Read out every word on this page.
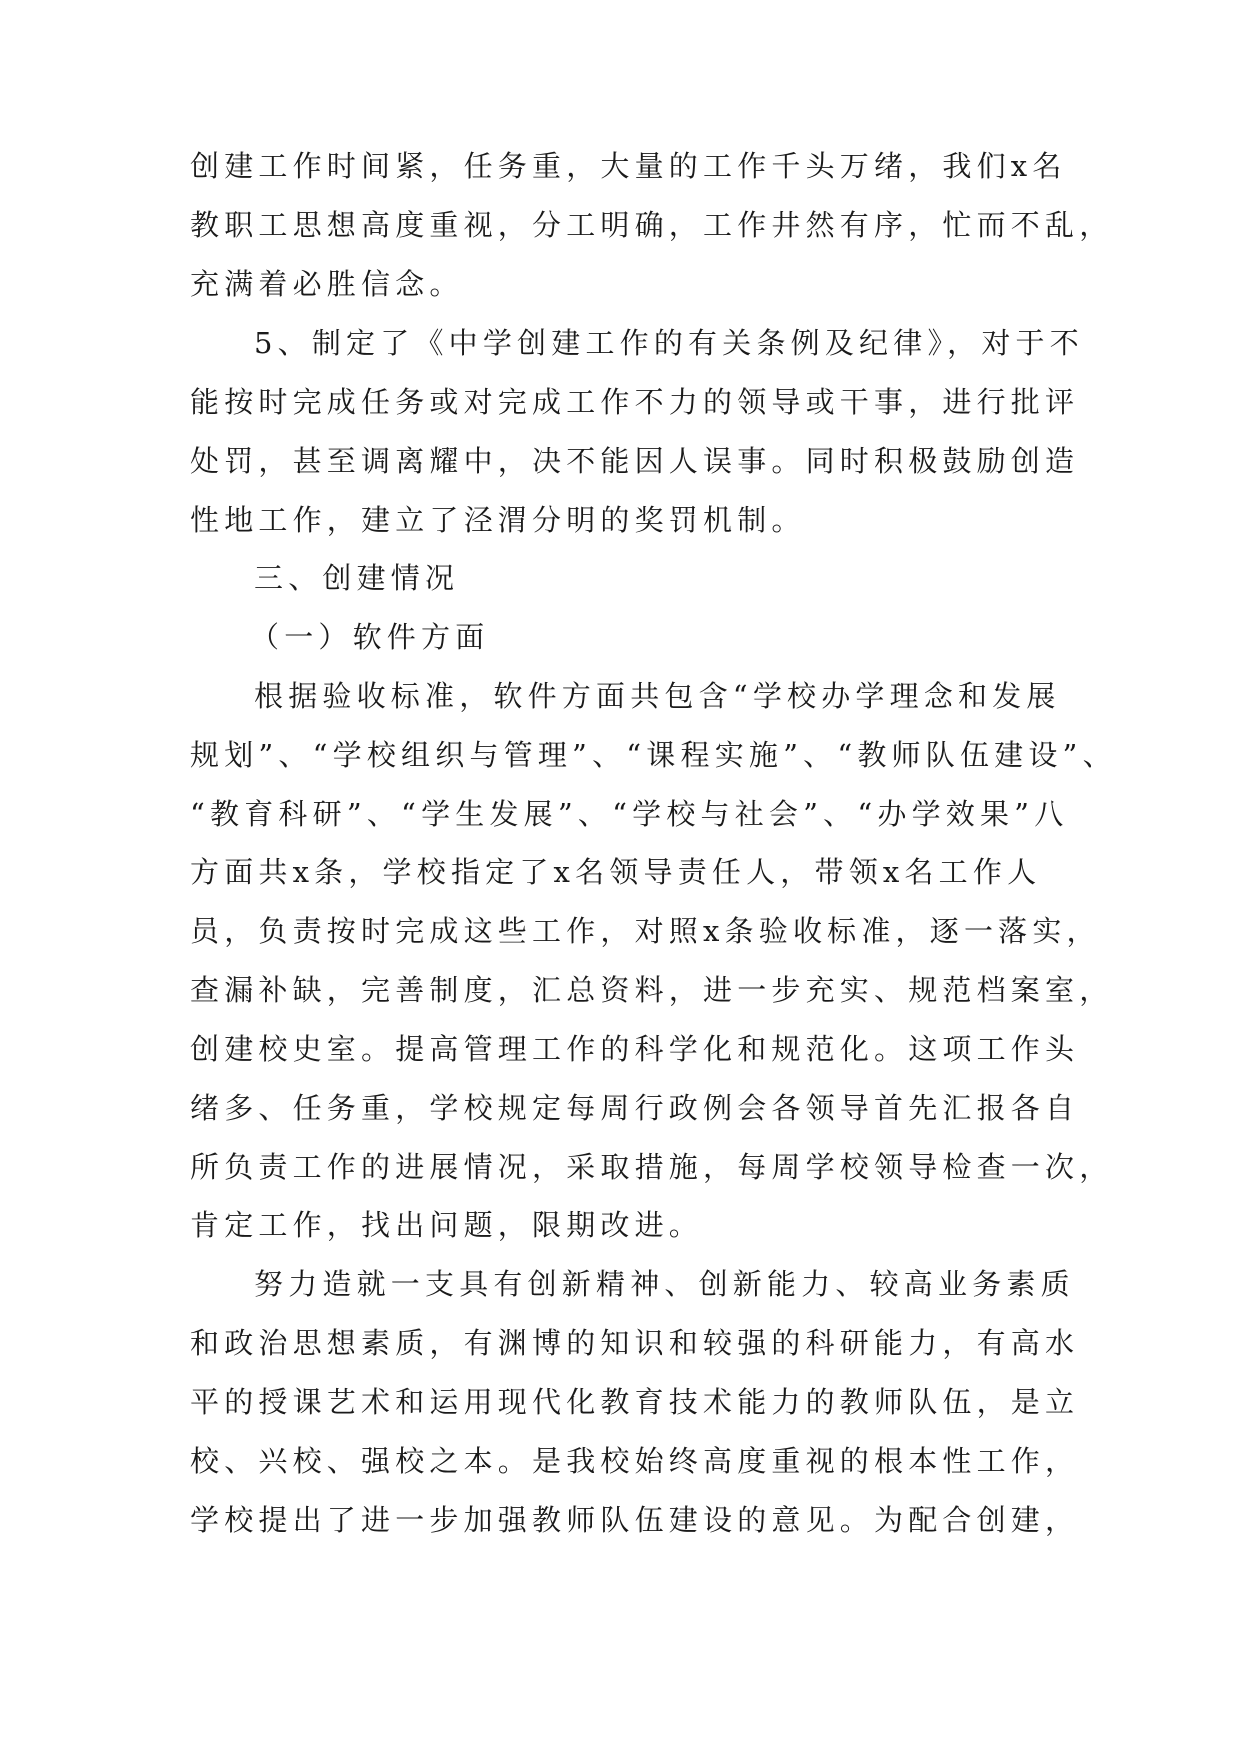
创建工作时间紧，任务重，大量的工作千头万绪，我们x名
教职工思想高度重视，分工明确，工作井然有序，忙而不乱，
充满着必胜信念。
5、制定了《中学创建工作的有关条例及纪律》，对于不
能按时完成任务或对完成工作不力的领导或干事，进行批评
处罚，甚至调离耀中，决不能因人误事。同时积极鼓励创造
性地工作，建立了泾渭分明的奖罚机制。
三、创建情况
（一）软件方面
根据验收标准，软件方面共包含“学校办学理念和发展
规划”、“学校组织与管理”、“课程实施”、“教师队伍建设”、
“教育科研”、“学生发展”、“学校与社会”、“办学效果”八
方面共x条，学校指定了x名领导责任人，带领x名工作人
员，负责按时完成这些工作，对照x条验收标准，逐一落实，
查漏补缺，完善制度，汇总资料，进一步充实、规范档案室，
创建校史室。提高管理工作的科学化和规范化。这项工作头
绪多、任务重，学校规定每周行政例会各领导首先汇报各自
所负责工作的进展情况，采取措施，每周学校领导检查一次，
肯定工作，找出问题，限期改进。
努力造就一支具有创新精神、创新能力、较高业务素质
和政治思想素质，有渊博的知识和较强的科研能力，有高水
平的授课艺术和运用现代化教育技术能力的教师队伍，是立
校、兴校、强校之本。是我校始终高度重视的根本性工作，
学校提出了进一步加强教师队伍建设的意见。为配合创建，
